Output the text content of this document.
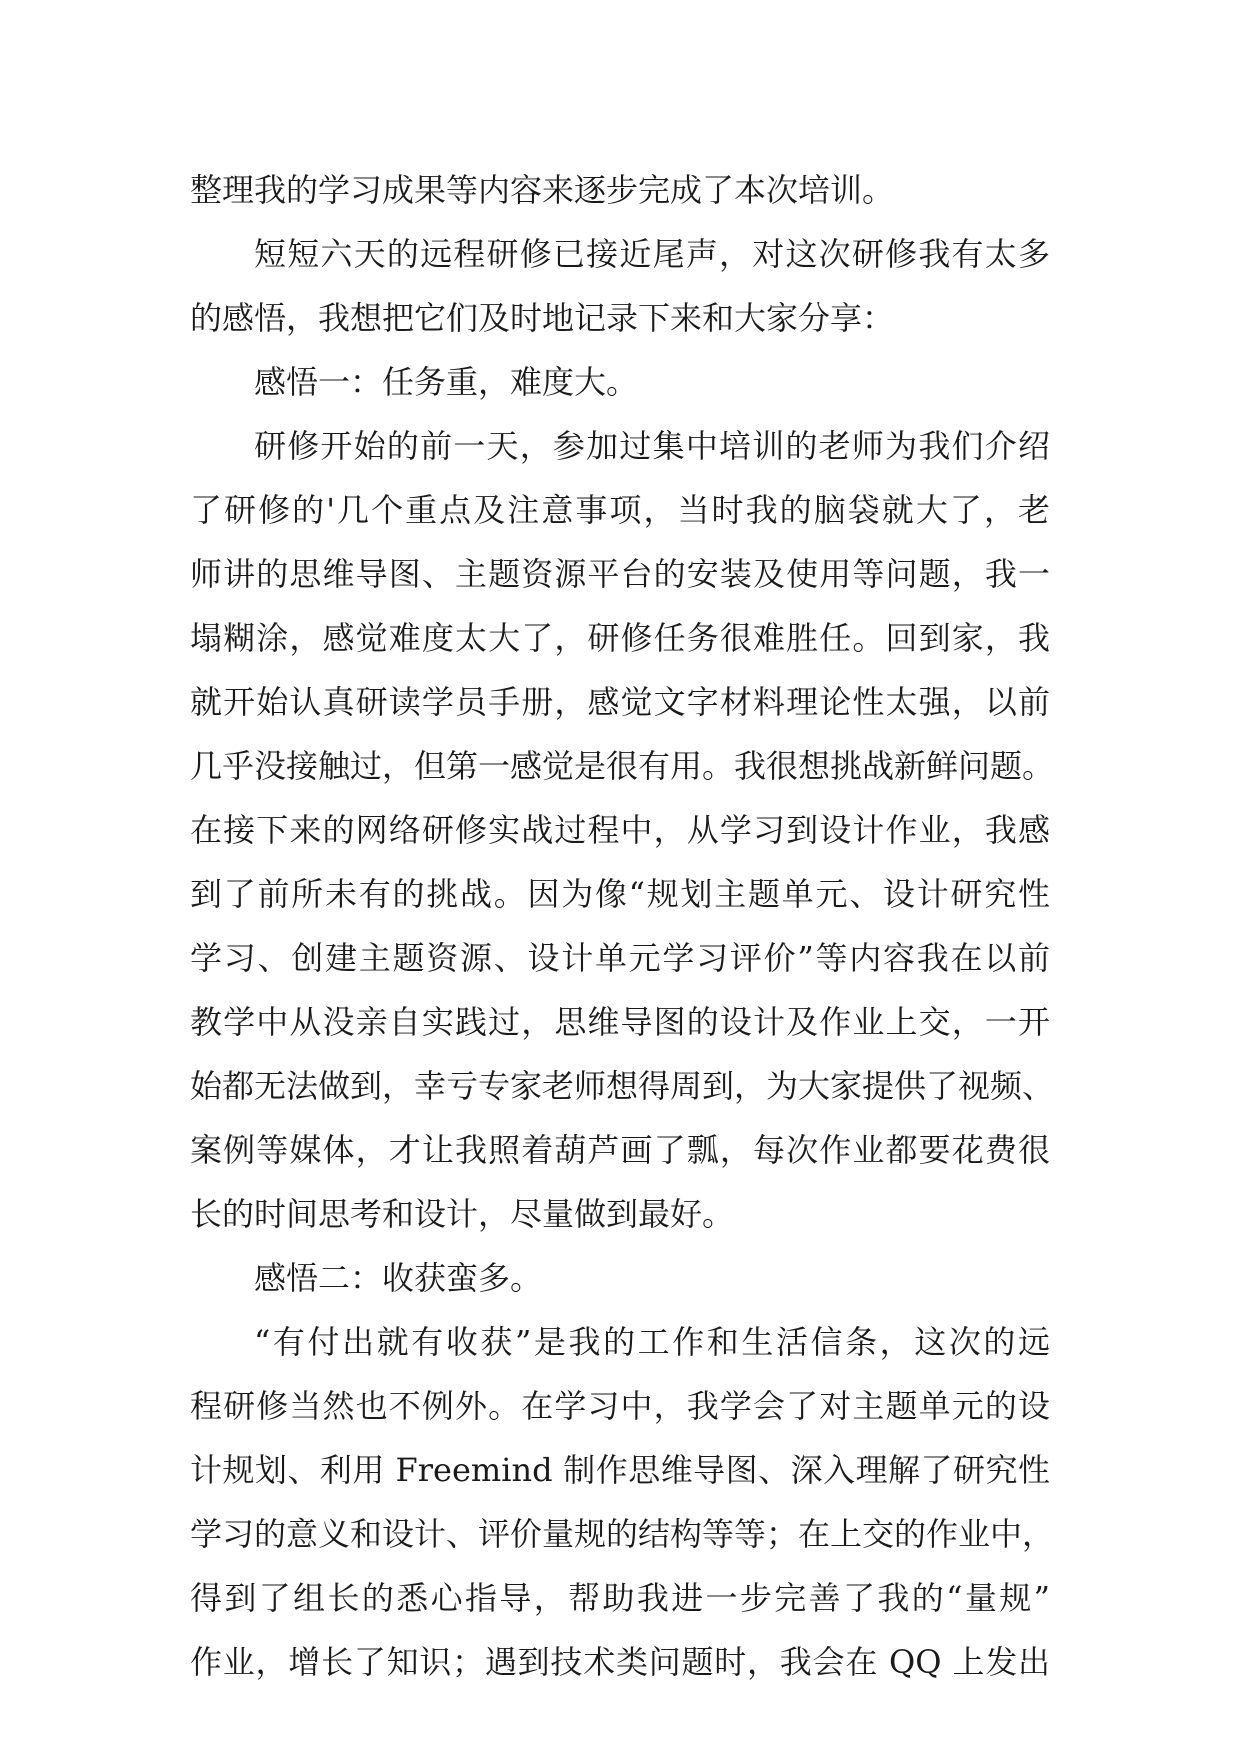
整理我的学习成果等内容来逐步完成了本次培训。
短短六天的远程研修已接近尾声，对这次研修我有太多
的感悟，我想把它们及时地记录下来和大家分享：
感悟一：任务重，难度大。
研修开始的前一天，参加过集中培训的老师为我们介绍
了研修的'几个重点及注意事项，当时我的脑袋就大了，老
师讲的思维导图、主题资源平台的安装及使用等问题，我一
塌糊涂，感觉难度太大了，研修任务很难胜任。回到家，我
就开始认真研读学员手册，感觉文字材料理论性太强，以前
几乎没接触过，但第一感觉是很有用。我很想挑战新鲜问题。
在接下来的网络研修实战过程中，从学习到设计作业，我感
到了前所未有的挑战。因为像“规划主题单元、设计研究性
学习、创建主题资源、设计单元学习评价”等内容我在以前
教学中从没亲自实践过，思维导图的设计及作业上交，一开
始都无法做到，幸亏专家老师想得周到，为大家提供了视频、
案例等媒体，才让我照着葫芦画了瓢，每次作业都要花费很
长的时间思考和设计，尽量做到最好。
感悟二：收获蛮多。
“有付出就有收获”是我的工作和生活信条，这次的远
程研修当然也不例外。在学习中，我学会了对主题单元的设
计规划、利用 Freemind 制作思维导图、深入理解了研究性
学习的意义和设计、评价量规的结构等等；在上交的作业中，
得到了组长的悉心指导，帮助我进一步完善了我的“量规”
作业，增长了知识；遇到技术类问题时，我会在 QQ 上发出
